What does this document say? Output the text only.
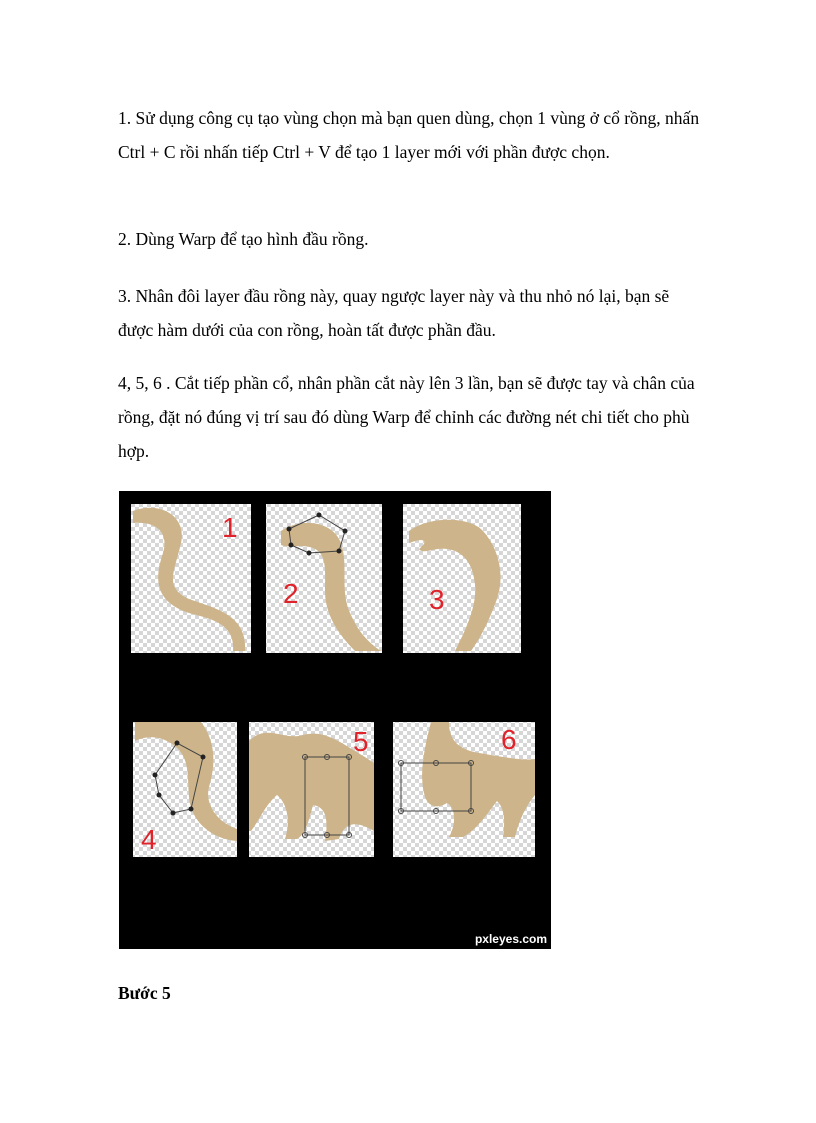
1. Sử dụng công cụ tạo vùng chọn mà bạn quen dùng, chọn 1 vùng ở cổ rồng, nhấn Ctrl + C rồi nhấn tiếp Ctrl + V để tạo 1 layer mới với phần được chọn.

2. Dùng Warp để tạo hình đầu rồng.

3. Nhân đôi layer đầu rồng này, quay ngược layer này và thu nhỏ nó lại, bạn sẽ được hàm dưới của con rồng, hoàn tất được phần đầu.

4, 5, 6 . Cắt tiếp phần cổ, nhân phần cắt này lên 3 lần, bạn sẽ được tay và chân của rồng, đặt nó đúng vị trí sau đó dùng Warp để chỉnh các đường nét chi tiết cho phù hợp.

1
2	3
4
5	6
pxleyes.com

Bước 5
